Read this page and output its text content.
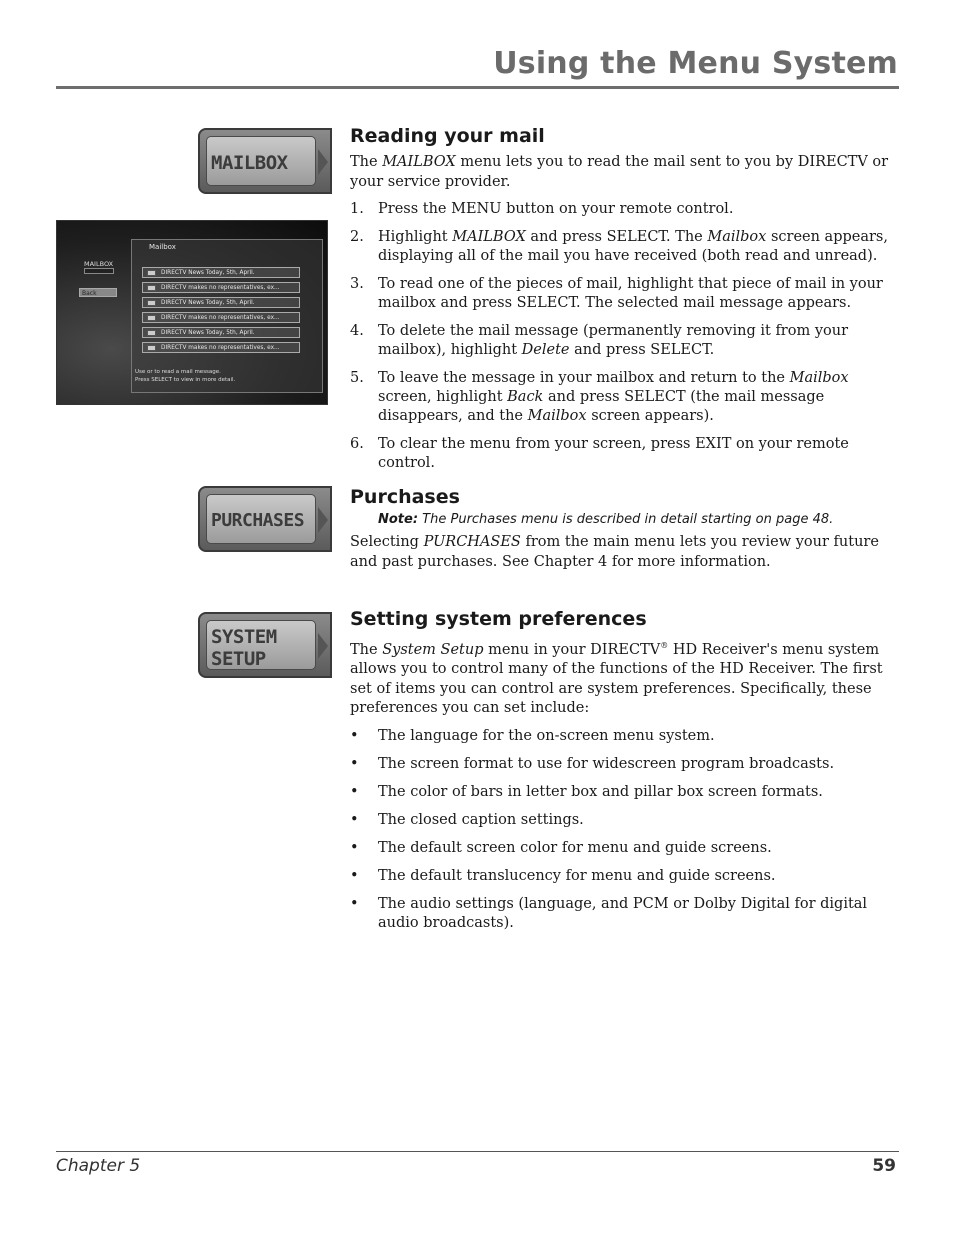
Using the Menu System
MAILBOX
PURCHASES
SYSTEM
SETUP
Mailbox
MAILBOX
Back
DIRECTV News Today, 5th, April.
DIRECTV makes no representatives, ex...
DIRECTV News Today, 5th, April.
DIRECTV makes no representatives, ex...
DIRECTV News Today, 5th, April.
DIRECTV makes no representatives, ex...
Use or to read a mail message.
Press SELECT to view in more detail.
Reading your mail

The MAILBOX menu lets you to read the mail sent to you by DIRECTV or your service provider.

1. Press the MENU button on your remote control.
2. Highlight MAILBOX and press SELECT. The Mailbox screen appears, displaying all of the mail you have received (both read and unread).
3. To read one of the pieces of mail, highlight that piece of mail in your mailbox and press SELECT. The selected mail message appears.
4. To delete the mail message (permanently removing it from your mailbox), highlight Delete and press SELECT.
5. To leave the message in your mailbox and return to the Mailbox screen, highlight Back and press SELECT (the mail message disappears, and the Mailbox screen appears).
6. To clear the menu from your screen, press EXIT on your remote control.
Purchases
Note: The Purchases menu is described in detail starting on page 48.

Selecting PURCHASES from the main menu lets you review your future and past purchases. See Chapter 4 for more information.

Setting system preferences

The System Setup menu in your DIRECTV® HD Receiver's menu system allows you to control many of the functions of the HD Receiver. The first set of items you can control are system preferences. Specifically, these preferences you can set include:

• The language for the on-screen menu system.
• The screen format to use for widescreen program broadcasts.
• The color of bars in letter box and pillar box screen formats.
• The closed caption settings.
• The default screen color for menu and guide screens.
• The default translucency for menu and guide screens.
• The audio settings (language, and PCM or Dolby Digital for digital audio broadcasts).
Chapter 5	59
